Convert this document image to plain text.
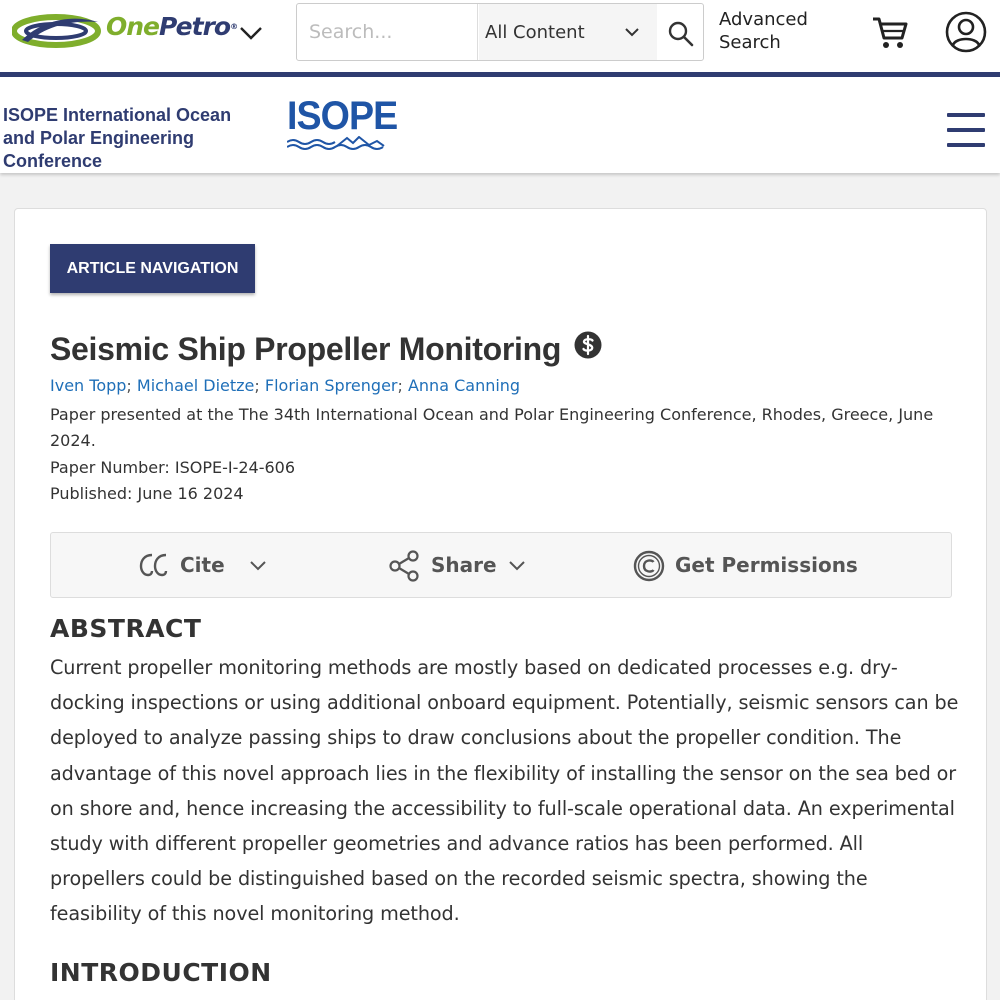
OnePetro®
Search...	All Content
Advanced
Search
ISOPE International Ocean and Polar Engineering Conference
ISOPE
ARTICLE NAVIGATION
Seismic Ship Propeller Monitoring
Iven Topp; Michael Dietze; Florian Sprenger; Anna Canning
Paper presented at the The 34th International Ocean and Polar Engineering Conference, Rhodes, Greece, June 2024.
Paper Number: ISOPE-I-24-606
Published: June 16 2024
Cite	Share	Get Permissions
ABSTRACT
Current propeller monitoring methods are mostly based on dedicated processes e.g. dry-docking inspections or using additional onboard equipment. Potentially, seismic sensors can be deployed to analyze passing ships to draw conclusions about the propeller condition. The advantage of this novel approach lies in the flexibility of installing the sensor on the sea bed or on shore and, hence increasing the accessibility to full-scale operational data. An experimental study with different propeller geometries and advance ratios has been performed. All propellers could be distinguished based on the recorded seismic spectra, showing the feasibility of this novel monitoring method.
INTRODUCTION
